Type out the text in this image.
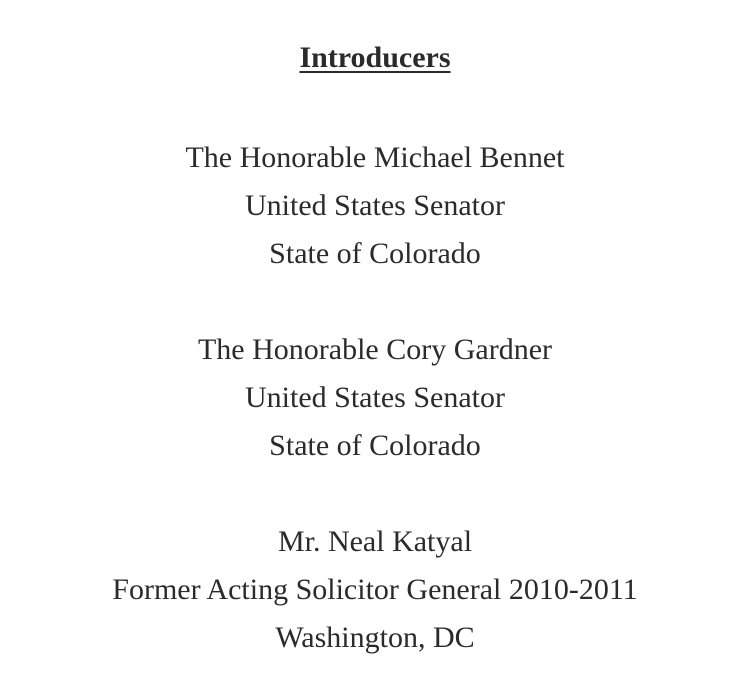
Introducers
The Honorable Michael Bennet
United States Senator
State of Colorado
The Honorable Cory Gardner
United States Senator
State of Colorado
Mr. Neal Katyal
Former Acting Solicitor General 2010-2011
Washington, DC
